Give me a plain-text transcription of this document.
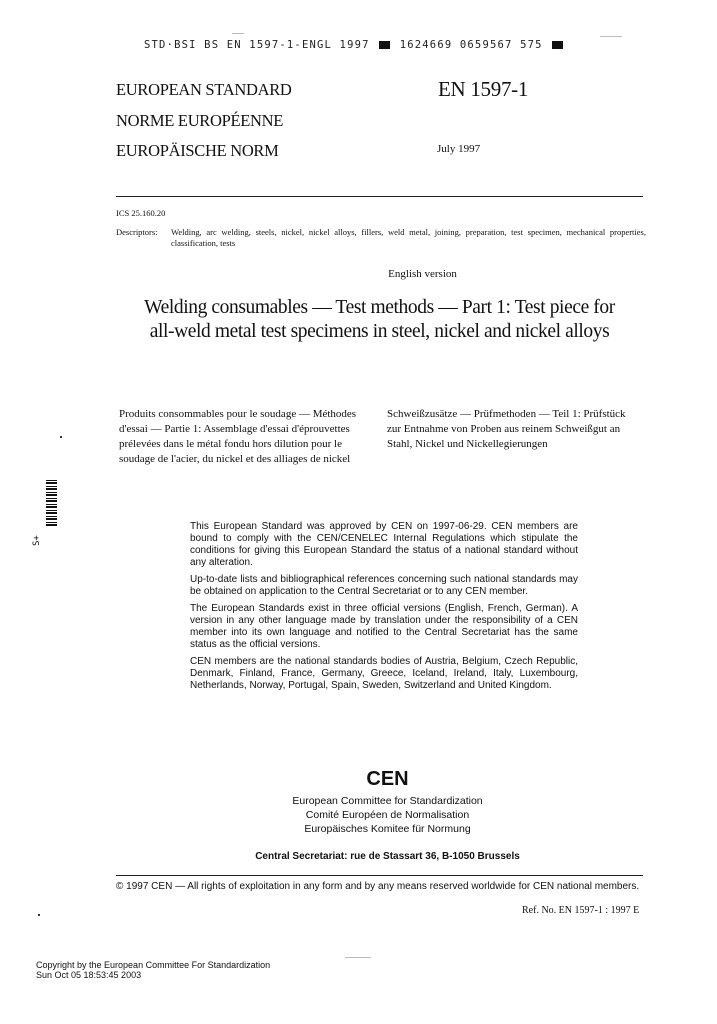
STD·BSI BS EN 1597-1-ENGL 1997	1624669 0659567 575
EUROPEAN STANDARD
NORME EUROPÉENNE
EUROPÄISCHE NORM
EN 1597-1
July 1997
ICS 25.160.20
Descriptors: Welding, arc welding, steels, nickel, nickel alloys, fillers, weld metal, joining, preparation, test specimen, mechanical properties, classification, tests
English version
Welding consumables — Test methods — Part 1: Test piece for
all-weld metal test specimens in steel, nickel and nickel alloys
Produits consommables pour le soudage — Méthodes d'essai — Partie 1: Assemblage d'essai d'éprouvettes prélevées dans le métal fondu hors dilution pour le soudage de l'acier, du nickel et des alliages de nickel
Schweißzusätze — Prüfmethoden — Teil 1: Prüfstück zur Entnahme von Proben aus reinem Schweißgut an Stahl, Nickel und Nickellegierungen
S+

This European Standard was approved by CEN on 1997-06-29. CEN members are bound to comply with the CEN/CENELEC Internal Regulations which stipulate the conditions for giving this European Standard the status of a national standard without any alteration.

Up-to-date lists and bibliographical references concerning such national standards may be obtained on application to the Central Secretariat or to any CEN member.

The European Standards exist in three official versions (English, French, German). A version in any other language made by translation under the responsibility of a CEN member into its own language and notified to the Central Secretariat has the same status as the official versions.

CEN members are the national standards bodies of Austria, Belgium, Czech Republic, Denmark, Finland, France, Germany, Greece, Iceland, Ireland, Italy, Luxembourg, Netherlands, Norway, Portugal, Spain, Sweden, Switzerland and United Kingdom.

CEN
European Committee for Standardization
Comité Européen de Normalisation
Europäisches Komitee für Normung
Central Secretariat: rue de Stassart 36, B-1050 Brussels
© 1997 CEN — All rights of exploitation in any form and by any means reserved worldwide for CEN national members.
Ref. No. EN 1597-1 : 1997 E
Copyright by the European Committee For Standardization
Sun Oct 05 18:53:45 2003
